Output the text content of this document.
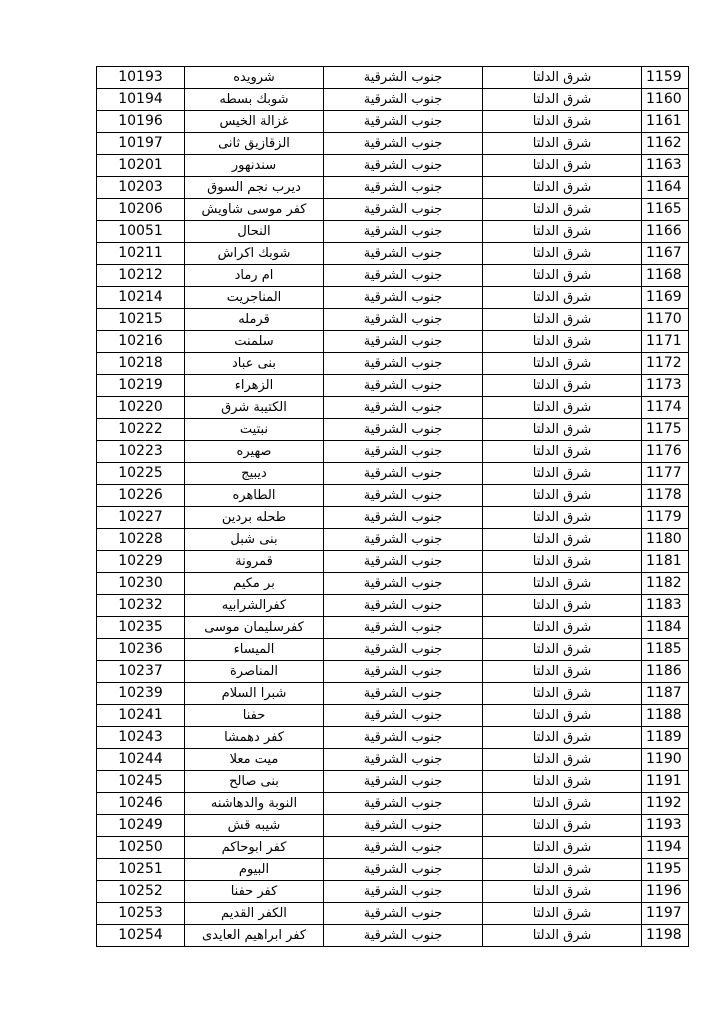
1159	شرق الدلتا	جنوب الشرقية	شرويده	10193
1160	شرق الدلتا	جنوب الشرقية	شوبك بسطه	10194
1161	شرق الدلتا	جنوب الشرقية	غزالة الخيس	10196
1162	شرق الدلتا	جنوب الشرقية	الزقازيق ثانى	10197
1163	شرق الدلتا	جنوب الشرقية	سندنهور	10201
1164	شرق الدلتا	جنوب الشرقية	ديرب نجم السوق	10203
1165	شرق الدلتا	جنوب الشرقية	كفر موسى شاويش	10206
1166	شرق الدلتا	جنوب الشرقية	النحال	10051
1167	شرق الدلتا	جنوب الشرقية	شوبك اكراش	10211
1168	شرق الدلتا	جنوب الشرقية	ام رماد	10212
1169	شرق الدلتا	جنوب الشرقية	المناجريت	10214
1170	شرق الدلتا	جنوب الشرقية	قرمله	10215
1171	شرق الدلتا	جنوب الشرقية	سلمنت	10216
1172	شرق الدلتا	جنوب الشرقية	بنى عباد	10218
1173	شرق الدلتا	جنوب الشرقية	الزهراء	10219
1174	شرق الدلتا	جنوب الشرقية	الكتيبة شرق	10220
1175	شرق الدلتا	جنوب الشرقية	نبتيت	10222
1176	شرق الدلتا	جنوب الشرقية	صهيره	10223
1177	شرق الدلتا	جنوب الشرقية	ديبيج	10225
1178	شرق الدلتا	جنوب الشرقية	الطاهره	10226
1179	شرق الدلتا	جنوب الشرقية	طحله بردين	10227
1180	شرق الدلتا	جنوب الشرقية	بنى شبل	10228
1181	شرق الدلتا	جنوب الشرقية	قمرونة	10229
1182	شرق الدلتا	جنوب الشرقية	بر مكيم	10230
1183	شرق الدلتا	جنوب الشرقية	كفرالشرابيه	10232
1184	شرق الدلتا	جنوب الشرقية	كفرسليمان موسى	10235
1185	شرق الدلتا	جنوب الشرقية	الميساء	10236
1186	شرق الدلتا	جنوب الشرقية	المناصرة	10237
1187	شرق الدلتا	جنوب الشرقية	شبرا السلام	10239
1188	شرق الدلتا	جنوب الشرقية	حفنا	10241
1189	شرق الدلتا	جنوب الشرقية	كفر دهمشا	10243
1190	شرق الدلتا	جنوب الشرقية	ميت معلا	10244
1191	شرق الدلتا	جنوب الشرقية	بنى صالح	10245
1192	شرق الدلتا	جنوب الشرقية	النوبة والدهاشنه	10246
1193	شرق الدلتا	جنوب الشرقية	شيبه قش	10249
1194	شرق الدلتا	جنوب الشرقية	كفر ابوحاكم	10250
1195	شرق الدلتا	جنوب الشرقية	البيوم	10251
1196	شرق الدلتا	جنوب الشرقية	كفر حفنا	10252
1197	شرق الدلتا	جنوب الشرقية	الكفر القديم	10253
1198	شرق الدلتا	جنوب الشرقية	كفر ابراهيم العايدى	10254
